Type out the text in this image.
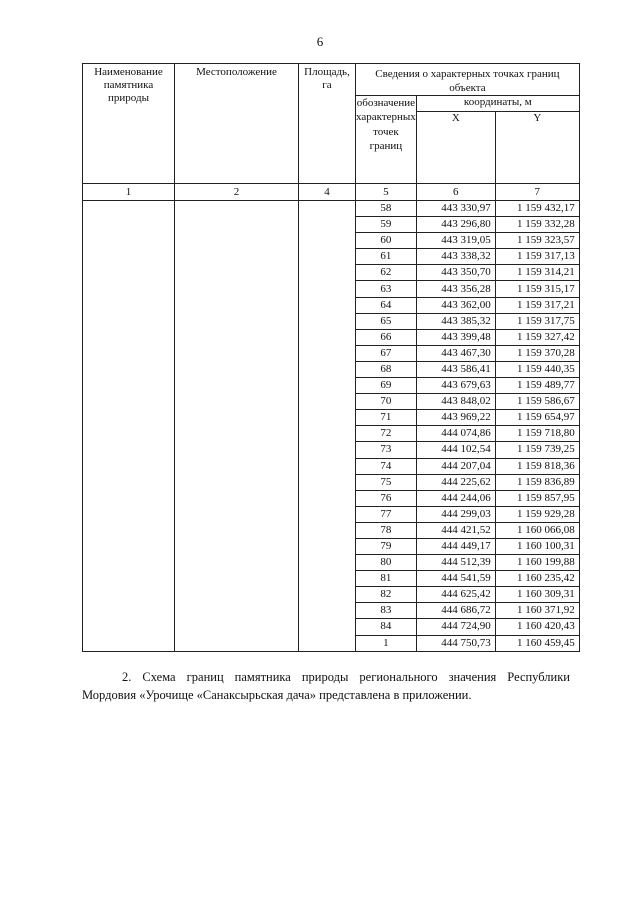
6
Наименование памятника природы	Местоположение	Площадь, га	Сведения о характерных точках границ объекта		
			обозначение характерных точек границ	координаты, м	
				X	Y
1	2	4	5	6	7
			58	443 330,97	1 159 432,17
			59	443 296,80	1 159 332,28
			60	443 319,05	1 159 323,57
			61	443 338,32	1 159 317,13
			62	443 350,70	1 159 314,21
			63	443 356,28	1 159 315,17
			64	443 362,00	1 159 317,21
			65	443 385,32	1 159 317,75
			66	443 399,48	1 159 327,42
			67	443 467,30	1 159 370,28
			68	443 586,41	1 159 440,35
			69	443 679,63	1 159 489,77
			70	443 848,02	1 159 586,67
			71	443 969,22	1 159 654,97
			72	444 074,86	1 159 718,80
			73	444 102,54	1 159 739,25
			74	444 207,04	1 159 818,36
			75	444 225,62	1 159 836,89
			76	444 244,06	1 159 857,95
			77	444 299,03	1 159 929,28
			78	444 421,52	1 160 066,08
			79	444 449,17	1 160 100,31
			80	444 512,39	1 160 199,88
			81	444 541,59	1 160 235,42
			82	444 625,42	1 160 309,31
			83	444 686,72	1 160 371,92
			84	444 724,90	1 160 420,43
			1	444 750,73	1 160 459,45

2. Схема границ памятника природы регионального значения Республики Мордовия «Урочище «Санаксырьская дача» представлена в приложении.
